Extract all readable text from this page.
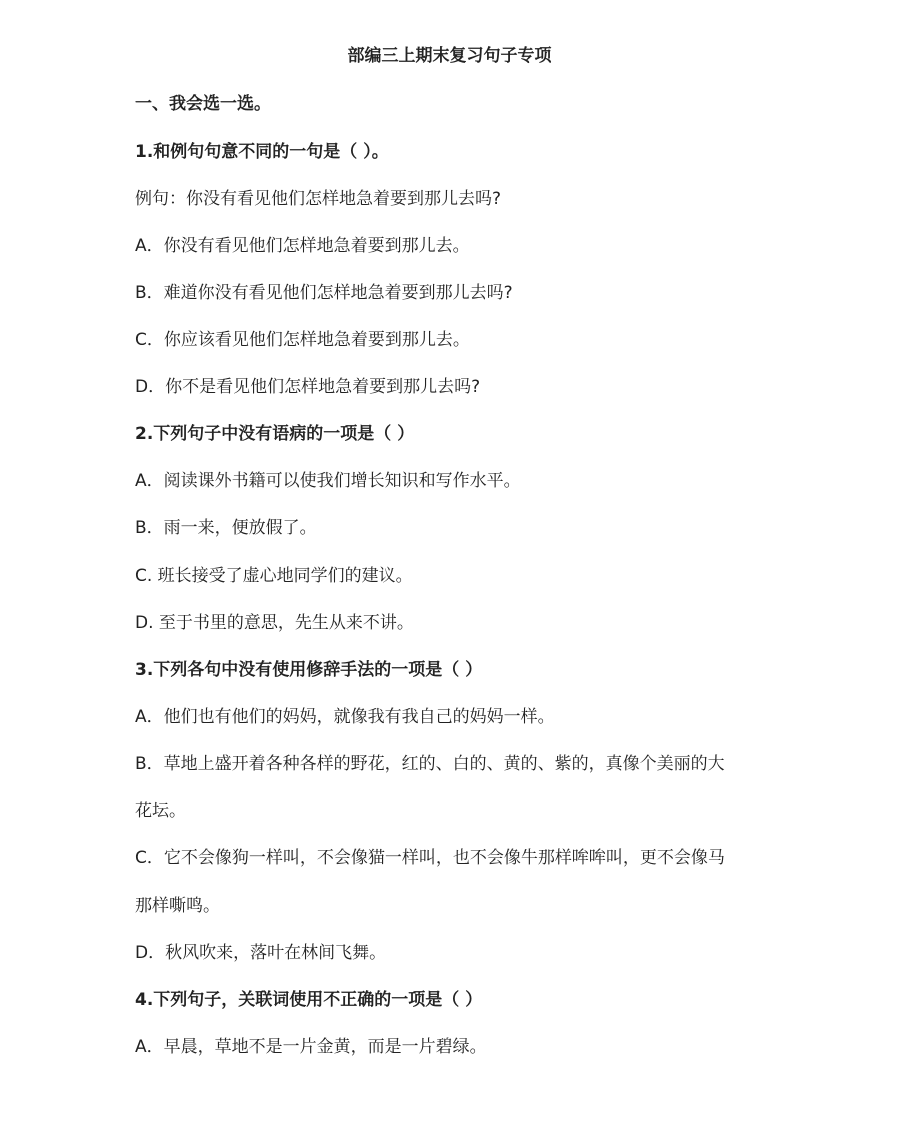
部编三上期末复习句子专项
一、我会选一选。
1.和例句句意不同的一句是（ ）。
例句：你没有看见他们怎样地急着要到那儿去吗?
A．你没有看见他们怎样地急着要到那儿去。
B．难道你没有看见他们怎样地急着要到那儿去吗?
C．你应该看见他们怎样地急着要到那儿去。
D．你不是看见他们怎样地急着要到那儿去吗?
2.下列句子中没有语病的一项是（ ）
A．阅读课外书籍可以使我们增长知识和写作水平。
B．雨一来，便放假了。
C. 班长接受了虚心地同学们的建议。
D. 至于书里的意思，先生从来不讲。
3.下列各句中没有使用修辞手法的一项是（ ）
A．他们也有他们的妈妈，就像我有我自己的妈妈一样。
B．草地上盛开着各种各样的野花，红的、白的、黄的、紫的，真像个美丽的大
花坛。
C．它不会像狗一样叫，不会像猫一样叫，也不会像牛那样哞哞叫，更不会像马
那样嘶鸣。
D．秋风吹来，落叶在林间飞舞。
4.下列句子，关联词使用不正确的一项是（ ）
A．早晨，草地不是一片金黄，而是一片碧绿。
